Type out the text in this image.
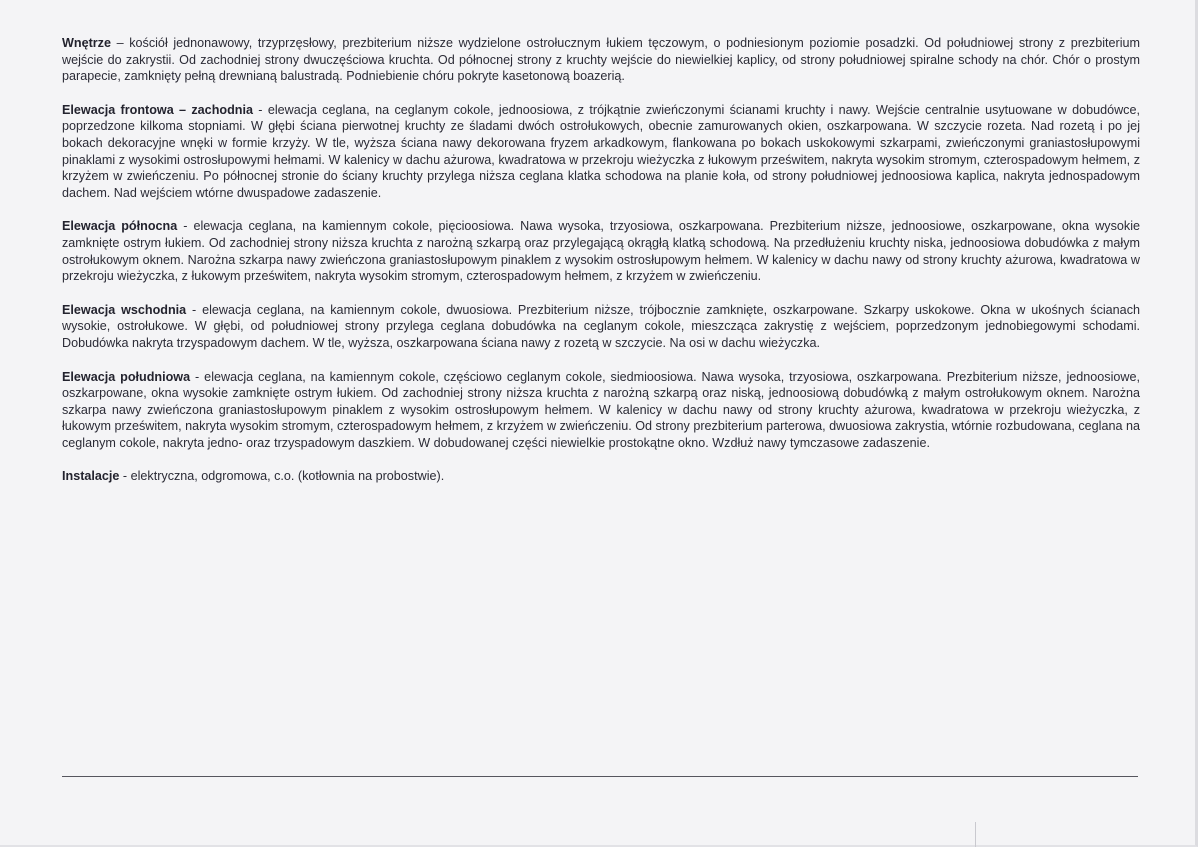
Wnętrze – kościół jednonawowy, trzyprzęsłowy, prezbiterium niższe wydzielone ostrołucznym łukiem tęczowym, o podniesionym poziomie posadzki. Od południowej strony z prezbiterium wejście do zakrystii. Od zachodniej strony dwuczęściowa kruchta. Od północnej strony z kruchty wejście do niewielkiej kaplicy, od strony południowej spiralne schody na chór. Chór o prostym parapecie, zamknięty pełną drewnianą balustradą. Podniebienie chóru pokryte kasetonową boazerią.

Elewacja frontowa – zachodnia - elewacja ceglana, na ceglanym cokole, jednoosiowa, z trójkątnie zwieńczonymi ścianami kruchty i nawy. Wejście centralnie usytuowane w dobudówce, poprzedzone kilkoma stopniami. W głębi ściana pierwotnej kruchty ze śladami dwóch ostrołukowych, obecnie zamurowanych okien, oszkarpowana. W szczycie rozeta. Nad rozetą i po jej bokach dekoracyjne wnęki w formie krzyży. W tle, wyższa ściana nawy dekorowana fryzem arkadkowym, flankowana po bokach uskokowymi szkarpami, zwieńczonymi graniastosłupowymi pinaklami z wysokimi ostrosłupowymi hełmami. W kalenicy w dachu ażurowa, kwadratowa w przekroju wieżyczka z łukowym prześwitem, nakryta wysokim stromym, czterospadowym hełmem, z krzyżem w zwieńczeniu. Po północnej stronie do ściany kruchty przylega niższa ceglana klatka schodowa na planie koła, od strony południowej jednoosiowa kaplica, nakryta jednospadowym dachem. Nad wejściem wtórne dwuspadowe zadaszenie.

Elewacja północna - elewacja ceglana, na kamiennym cokole, pięcioosiowa. Nawa wysoka, trzyosiowa, oszkarpowana. Prezbiterium niższe, jednoosiowe, oszkarpowane, okna wysokie zamknięte ostrym łukiem. Od zachodniej strony niższa kruchta z narożną szkarpą oraz przylegającą okrągłą klatką schodową. Na przedłużeniu kruchty niska, jednoosiowa dobudówka z małym ostrołukowym oknem. Narożna szkarpa nawy zwieńczona graniastosłupowym pinaklem z wysokim ostrosłupowym hełmem. W kalenicy w dachu nawy od strony kruchty ażurowa, kwadratowa w przekroju wieżyczka, z łukowym prześwitem, nakryta wysokim stromym, czterospadowym hełmem, z krzyżem w zwieńczeniu.

Elewacja wschodnia - elewacja ceglana, na kamiennym cokole, dwuosiowa. Prezbiterium niższe, trójbocznie zamknięte, oszkarpowane. Szkarpy uskokowe. Okna w ukośnych ścianach wysokie, ostrołukowe. W głębi, od południowej strony przylega ceglana dobudówka na ceglanym cokole, mieszcząca zakrystię z wejściem, poprzedzonym jednobiegowymi schodami. Dobudówka nakryta trzyspadowym dachem. W tle, wyższa, oszkarpowana ściana nawy z rozetą w szczycie. Na osi w dachu wieżyczka.

Elewacja południowa - elewacja ceglana, na kamiennym cokole, częściowo ceglanym cokole, siedmioosiowa. Nawa wysoka, trzyosiowa, oszkarpowana. Prezbiterium niższe, jednoosiowe, oszkarpowane, okna wysokie zamknięte ostrym łukiem. Od zachodniej strony niższa kruchta z narożną szkarpą oraz niską, jednoosiową dobudówką z małym ostrołukowym oknem. Narożna szkarpa nawy zwieńczona graniastosłupowym pinaklem z wysokim ostrosłupowym hełmem. W kalenicy w dachu nawy od strony kruchty ażurowa, kwadratowa w przekroju wieżyczka, z łukowym prześwitem, nakryta wysokim stromym, czterospadowym hełmem, z krzyżem w zwieńczeniu. Od strony prezbiterium parterowa, dwuosiowa zakrystia, wtórnie rozbudowana, ceglana na ceglanym cokole, nakryta jedno- oraz trzyspadowym daszkiem. W dobudowanej części niewielkie prostokątne okno. Wzdłuż nawy tymczasowe zadaszenie.

Instalacje - elektryczna, odgromowa, c.o. (kotłownia na probostwie).
